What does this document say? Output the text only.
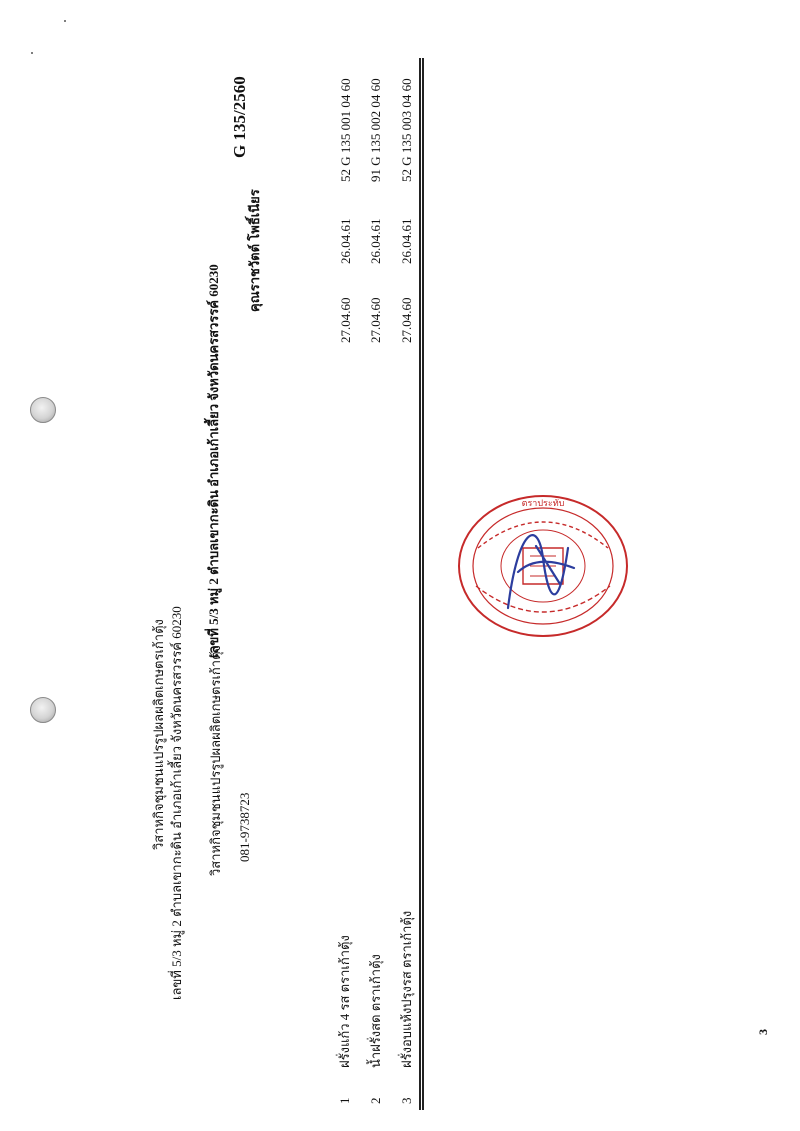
วิสาหกิจชุมชนแปรรูปผลผลิตเกษตรเก้าตุ้ง เลขที่ 5/3 หมู่ 2 ตำบลเขากะดิน อำเภอเก้าเลี้ยว จังหวัดนครสวรรค์ 60230 วิสาหกิจชุมชนแปรรูปผลผลิตเกษตรเก้าตุ้ง
เลขที่ 5/3 หมู่ 2 ตำบลเขากะดิน อำเภอเก้าเลี้ยว จังหวัดนครสวรรค์ 60230
081-9738723
คุณราชวัตต์ โพธิ์เนียร
G 135/2560
1
ฝรั่งแก้ว 4 รส ตราเก้าตุ้ง
27.04.60
26.04.61
52 G 135 001 04 60
2
น้ำฝรั่งสด ตราเก้าตุ้ง
27.04.60
26.04.61
91 G 135 002 04 60
3
ฝรั่งอบแห้งปรุงรส ตราเก้าตุ้ง
27.04.60
26.04.61
52 G 135 003 04 60
ตราประทับ
3
